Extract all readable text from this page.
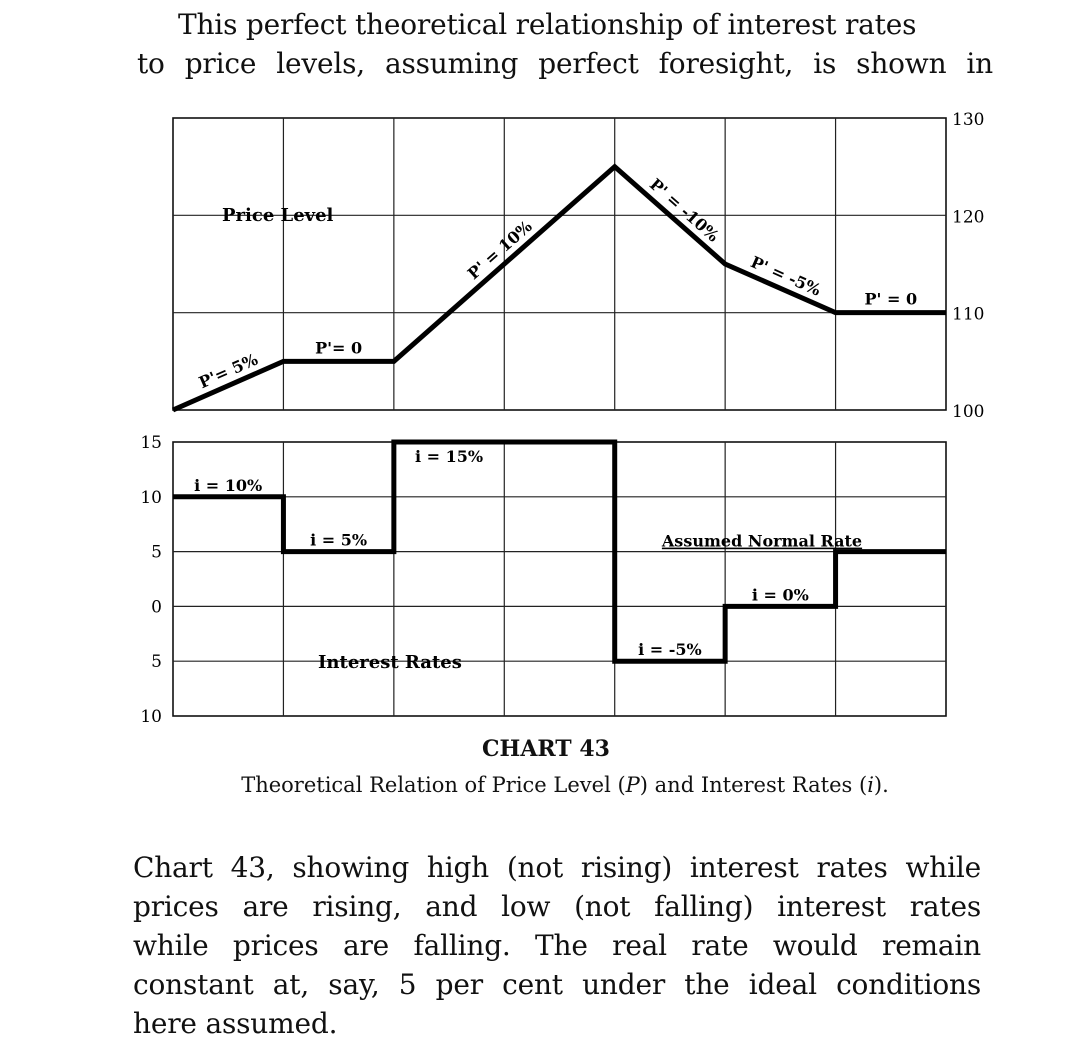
This perfect theoretical relationship of interest rates
to price levels, assuming perfect foresight, is shown in
130
120
110
100
15
10
5
0
5
10
Price Level
Interest Rates
P'= 5%
P'= 0
P' = 10%
P' = -10%
P' = -5%	P' = 0
i = 10%
i = 5%
i = 15%
i = -5%
i = 0%
Assumed Normal Rate
CHART 43
Theoretical Relation of Price Level (P) and Interest Rates (i).
Chart 43, showing high (not rising) interest rates while
prices are rising, and low (not falling) interest rates
while prices are falling. The real rate would remain
constant at, say, 5 per cent under the ideal conditions
here assumed.
